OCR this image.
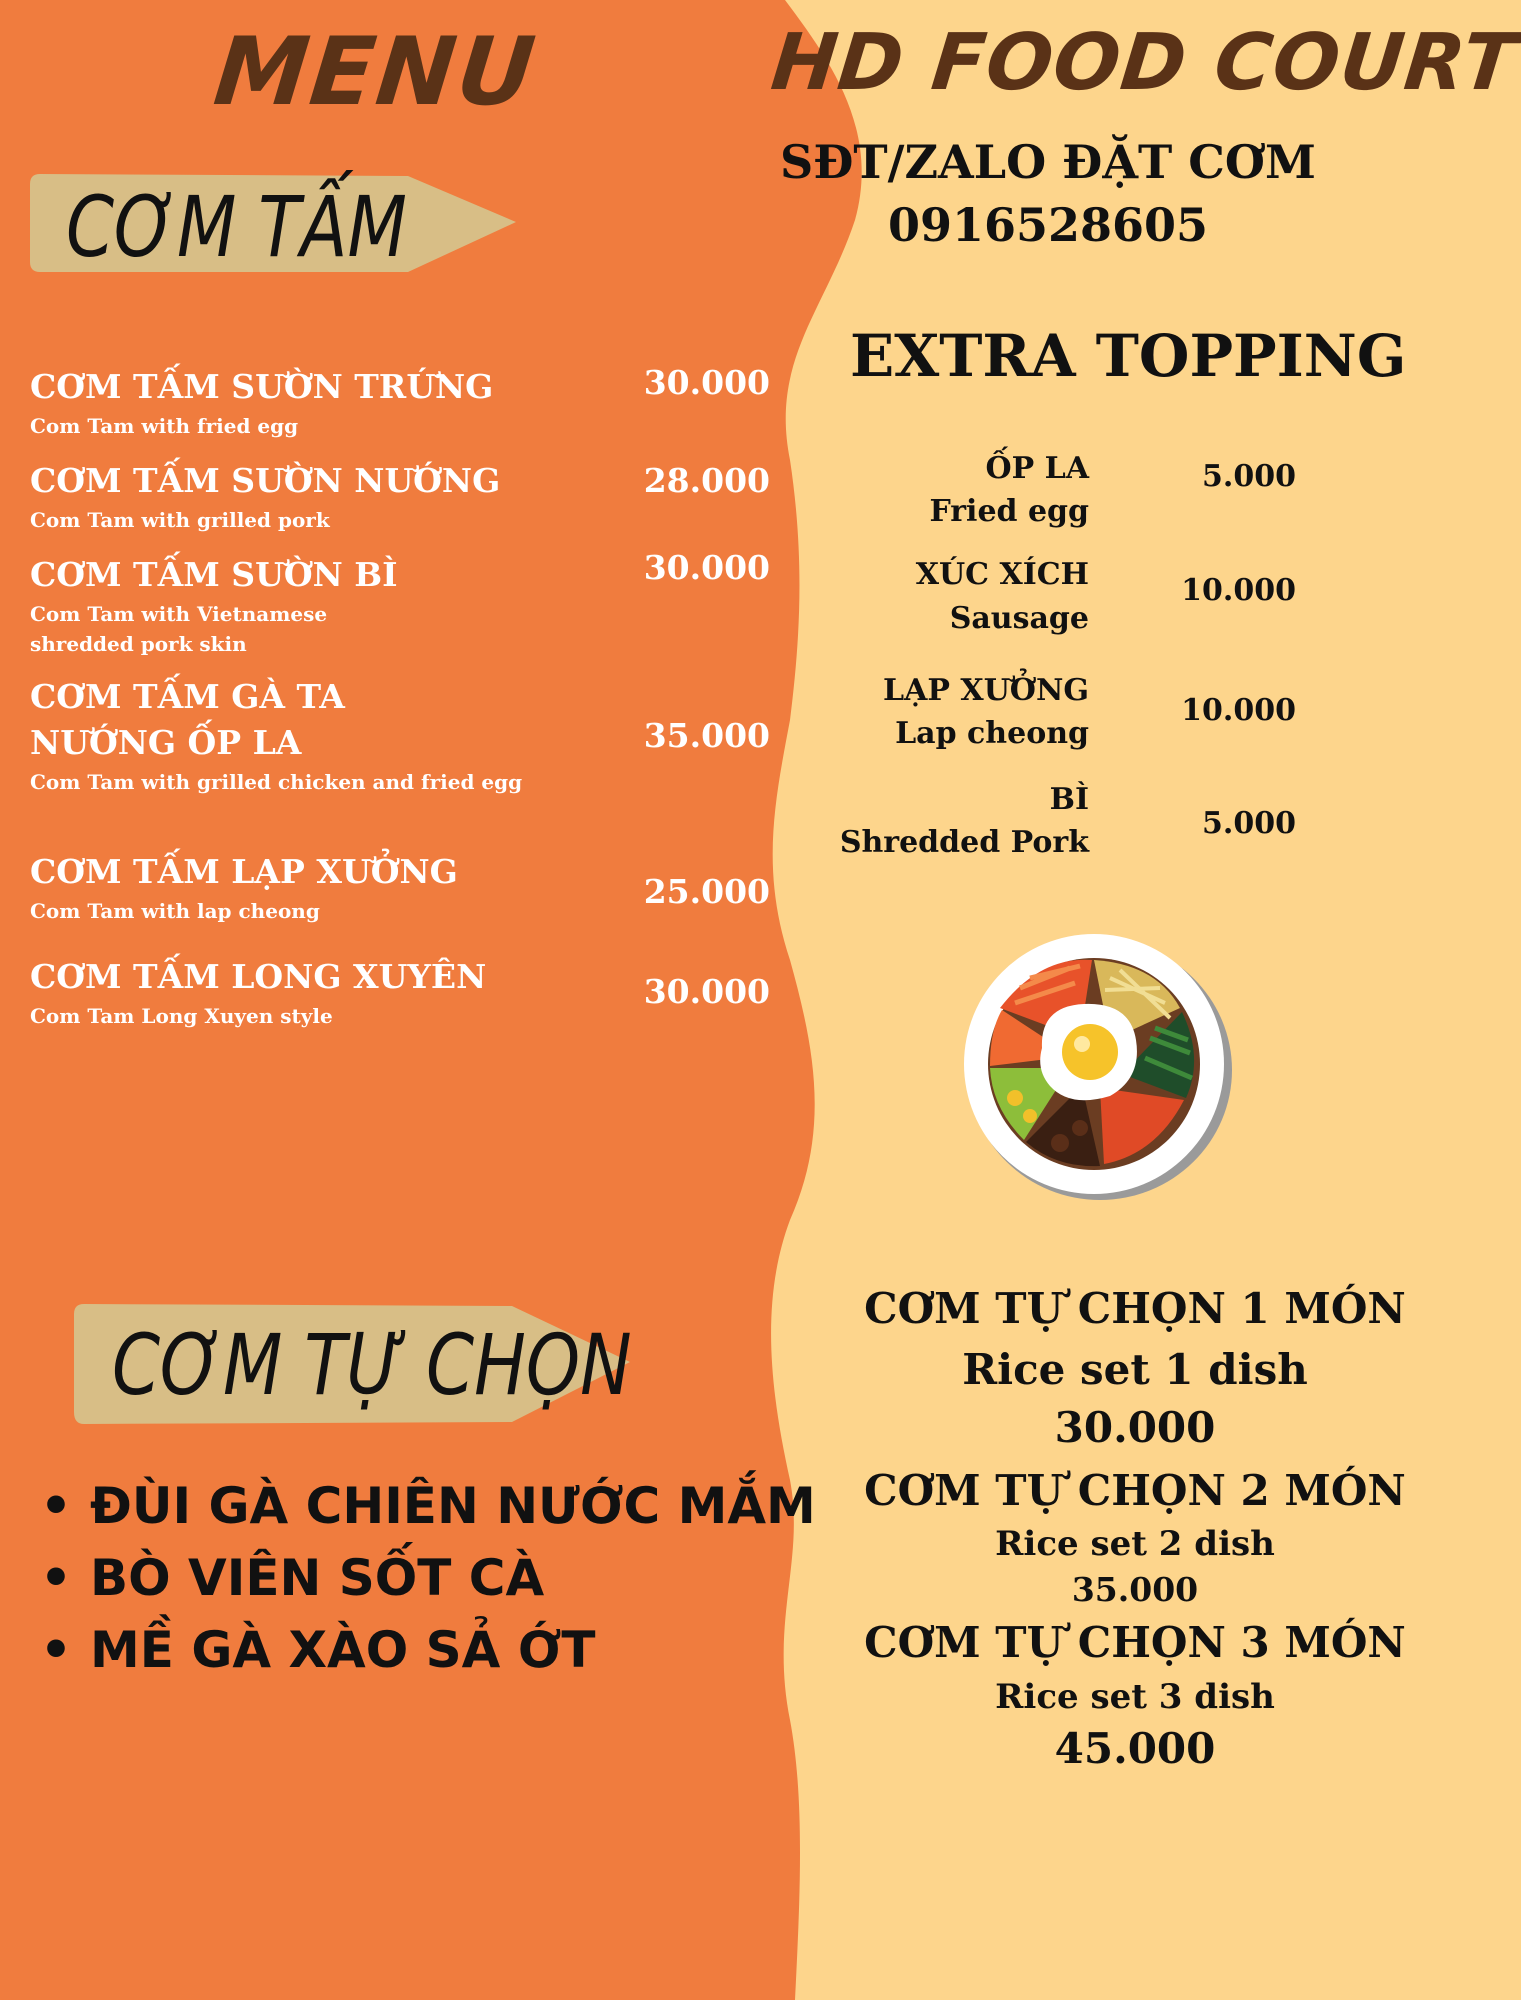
MENU	HD FOOD COURT
SĐT/ZALO ĐẶT CƠM
0916528605
CƠM TẤM
CƠM TẤM SƯỜN TRỨNG
Com Tam with fried egg
30.000
CƠM TẤM SƯỜN NƯỚNG
Com Tam with grilled pork
28.000
CƠM TẤM SƯỜN BÌ
Com Tam with Vietnamese shredded pork skin
30.000
CƠM TẤM GÀ TA NƯỚNG ỐP LA
Com Tam with grilled chicken and fried egg
35.000
CƠM TẤM LẠP XƯỞNG
Com Tam with lap cheong	25.000
CƠM TẤM LONG XUYÊN
Com Tam Long Xuyen style
30.000
EXTRA TOPPING
ỐP LA
Fried egg
5.000
XÚC XÍCH
Sausage
10.000
LẠP XƯỞNG
Lap cheong
10.000
BÌ
Shredded Pork
5.000
CƠM TỰ CHỌN
• ĐÙI GÀ CHIÊN NƯỚC MẮM
• BÒ VIÊN SỐT CÀ
• MỀ GÀ XÀO SẢ ỚT
CƠM TỰ CHỌN 1 MÓN
Rice set 1 dish
30.000
CƠM TỰ CHỌN 2 MÓN
Rice set 2 dish
35.000
CƠM TỰ CHỌN 3 MÓN
Rice set 3 dish
45.000
